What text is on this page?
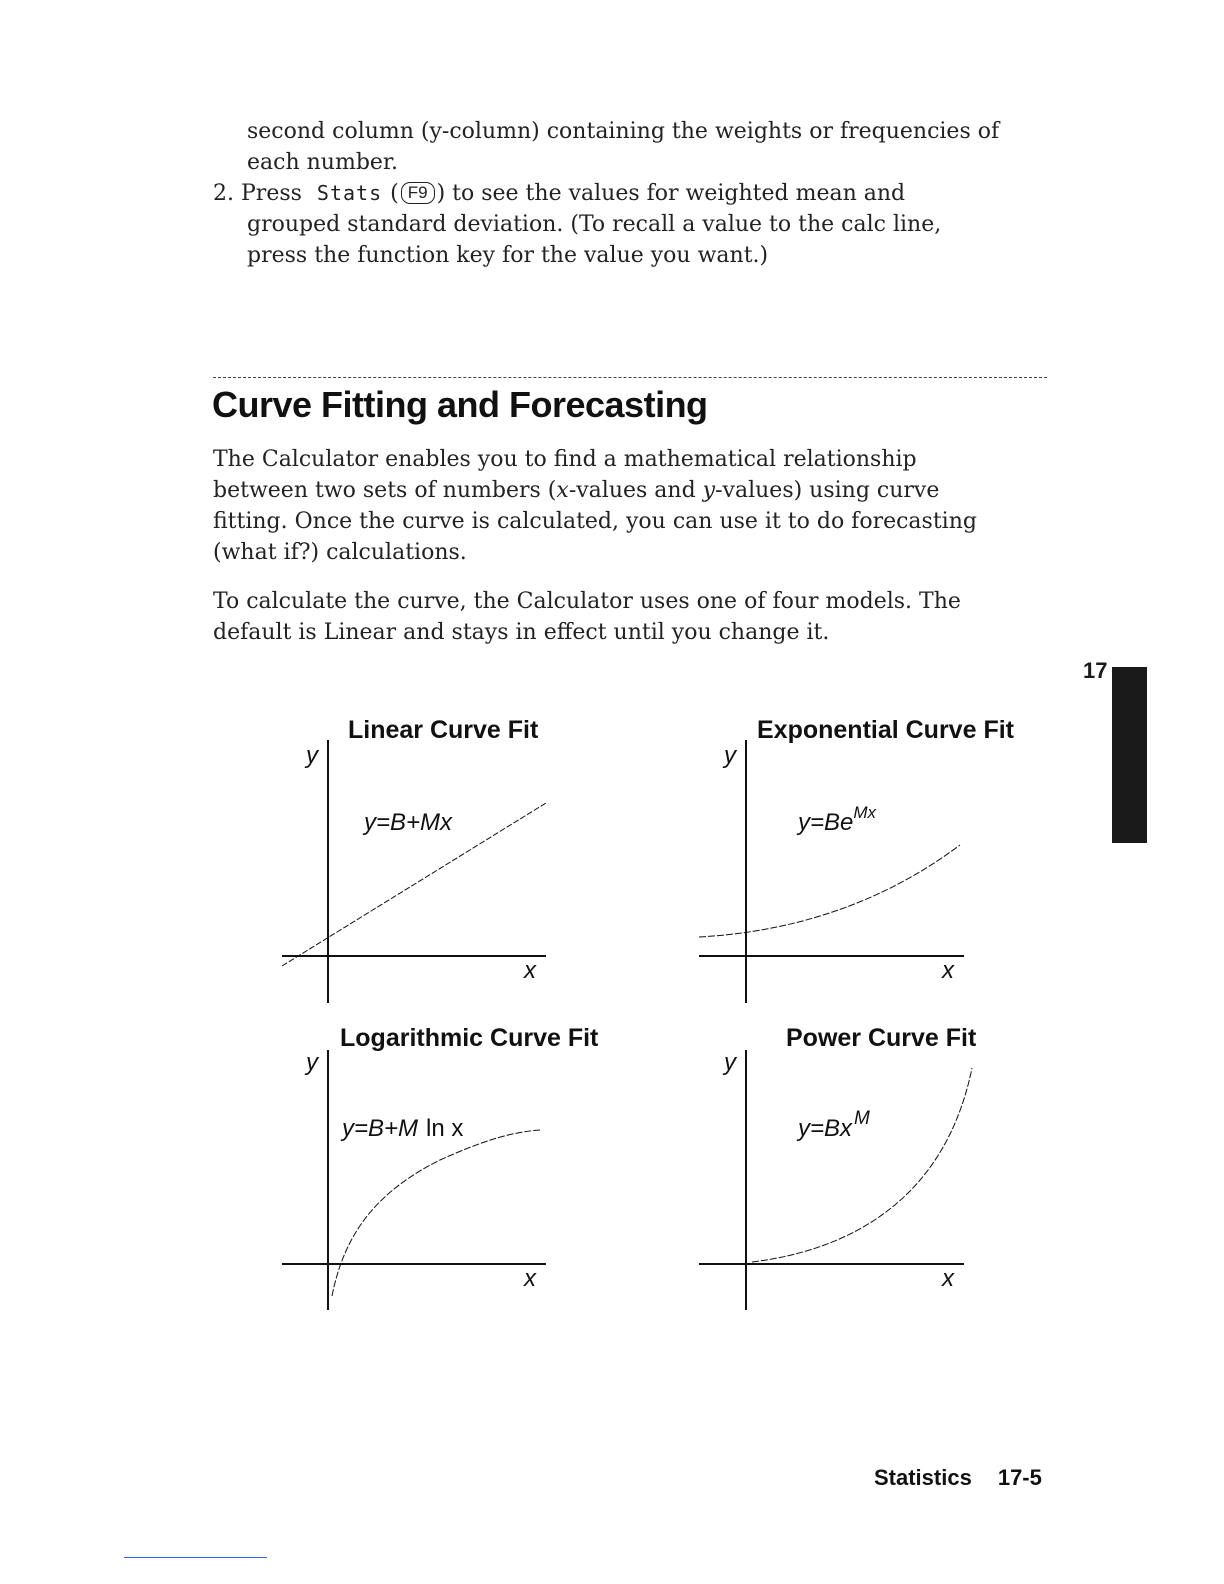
second column (y-column) containing the weights or frequencies of
each number.
2. Press Stats ( F9 ) to see the values for weighted mean and
grouped standard deviation. (To recall a value to the calc line,
press the function key for the value you want.)
Curve Fitting and Forecasting
The Calculator enables you to find a mathematical relationship
between two sets of numbers (x-values and y-values) using curve
fitting. Once the curve is calculated, you can use it to do forecasting
(what if?) calculations.
To calculate the curve, the Calculator uses one of four models. The
default is Linear and stays in effect until you change it.
17
Linear Curve Fit	Exponential Curve Fit
Logarithmic Curve Fit	Power Curve Fit
y
x
y
x
y
x
y
x
y=B+Mx	y=BeMx
y=B+M ln x	y=Bx M
Statistics 17-5
